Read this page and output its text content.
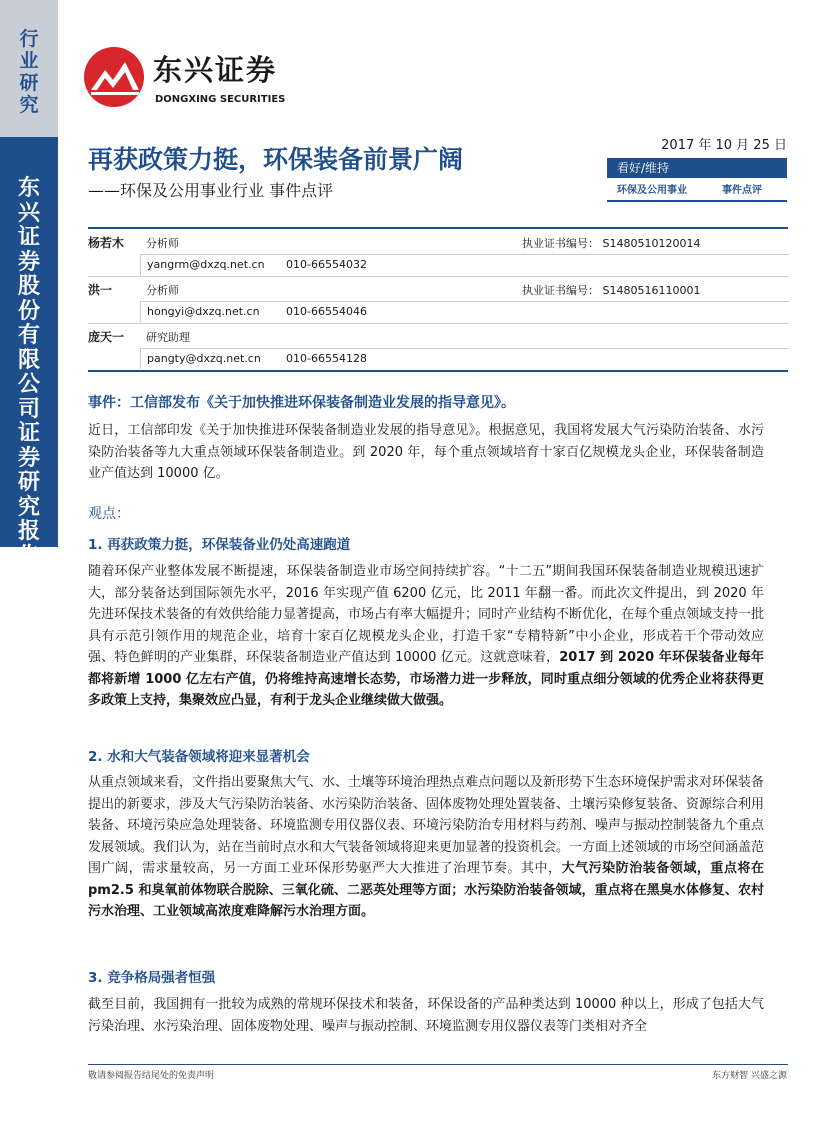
行业研究
东兴证券股份有限公司证券研究报告
东兴证券
DONGXING SECURITIES
再获政策力挺，环保装备前景广阔
——环保及公用事业行业 事件点评
2017 年 10 月 25 日
看好/维持
环保及公用事业	事件点评
杨若木 分析师	执业证书编号： S1480510120014
yangrm@dxzq.net.cn 010-66554032
洪一	分析师	执业证书编号： S1480516110001
hongyi@dxzq.net.cn 010-66554046
庞天一 研究助理
pangty@dxzq.net.cn 010-66554128
事件：工信部发布《关于加快推进环保装备制造业发展的指导意见》。
近日，工信部印发《关于加快推进环保装备制造业发展的指导意见》。根据意见，我国将发展大气污染防治装备、水污染防治装备等九大重点领域环保装备制造业。到 2020 年，每个重点领域培育十家百亿规模龙头企业，环保装备制造业产值达到 10000 亿。
观点：
1. 再获政策力挺，环保装备业仍处高速跑道
随着环保产业整体发展不断提速，环保装备制造业市场空间持续扩容。“十二五”期间我国环保装备制造业规模迅速扩大，部分装备达到国际领先水平，2016 年实现产值 6200 亿元，比 2011 年翻一番。而此次文件提出，到 2020 年先进环保技术装备的有效供给能力显著提高，市场占有率大幅提升；同时产业结构不断优化，在每个重点领域支持一批具有示范引领作用的规范企业，培育十家百亿规模龙头企业，打造千家“专精特新”中小企业，形成若干个带动效应强、特色鲜明的产业集群，环保装备制造业产值达到 10000 亿元。这就意味着，2017 到 2020 年环保装备业每年都将新增 1000 亿左右产值，仍将维持高速增长态势，市场潜力进一步释放，同时重点细分领域的优秀企业将获得更多政策上支持，集聚效应凸显，有利于龙头企业继续做大做强。
2. 水和大气装备领域将迎来显著机会
从重点领域来看，文件指出要聚焦大气、水、土壤等环境治理热点难点问题以及新形势下生态环境保护需求对环保装备提出的新要求，涉及大气污染防治装备、水污染防治装备、固体废物处理处置装备、土壤污染修复装备、资源综合利用装备、环境污染应急处理装备、环境监测专用仪器仪表、环境污染防治专用材料与药剂、噪声与振动控制装备九个重点发展领域。我们认为，站在当前时点水和大气装备领域将迎来更加显著的投资机会。一方面上述领域的市场空间涵盖范围广阔，需求量较高，另一方面工业环保形势驱严大大推进了治理节奏。其中，大气污染防治装备领域，重点将在 pm2.5 和臭氧前体物联合脱除、三氧化硫、二恶英处理等方面；水污染防治装备领域，重点将在黑臭水体修复、农村污水治理、工业领域高浓度难降解污水治理方面。
3. 竞争格局强者恒强
截至目前，我国拥有一批较为成熟的常规环保技术和装备，环保设备的产品种类达到 10000 种以上，形成了包括大气污染治理、水污染治理、固体废物处理、噪声与振动控制、环境监测专用仪器仪表等门类相对齐全
敬请参阅报告结尾处的免责声明	东方财智 兴盛之源
